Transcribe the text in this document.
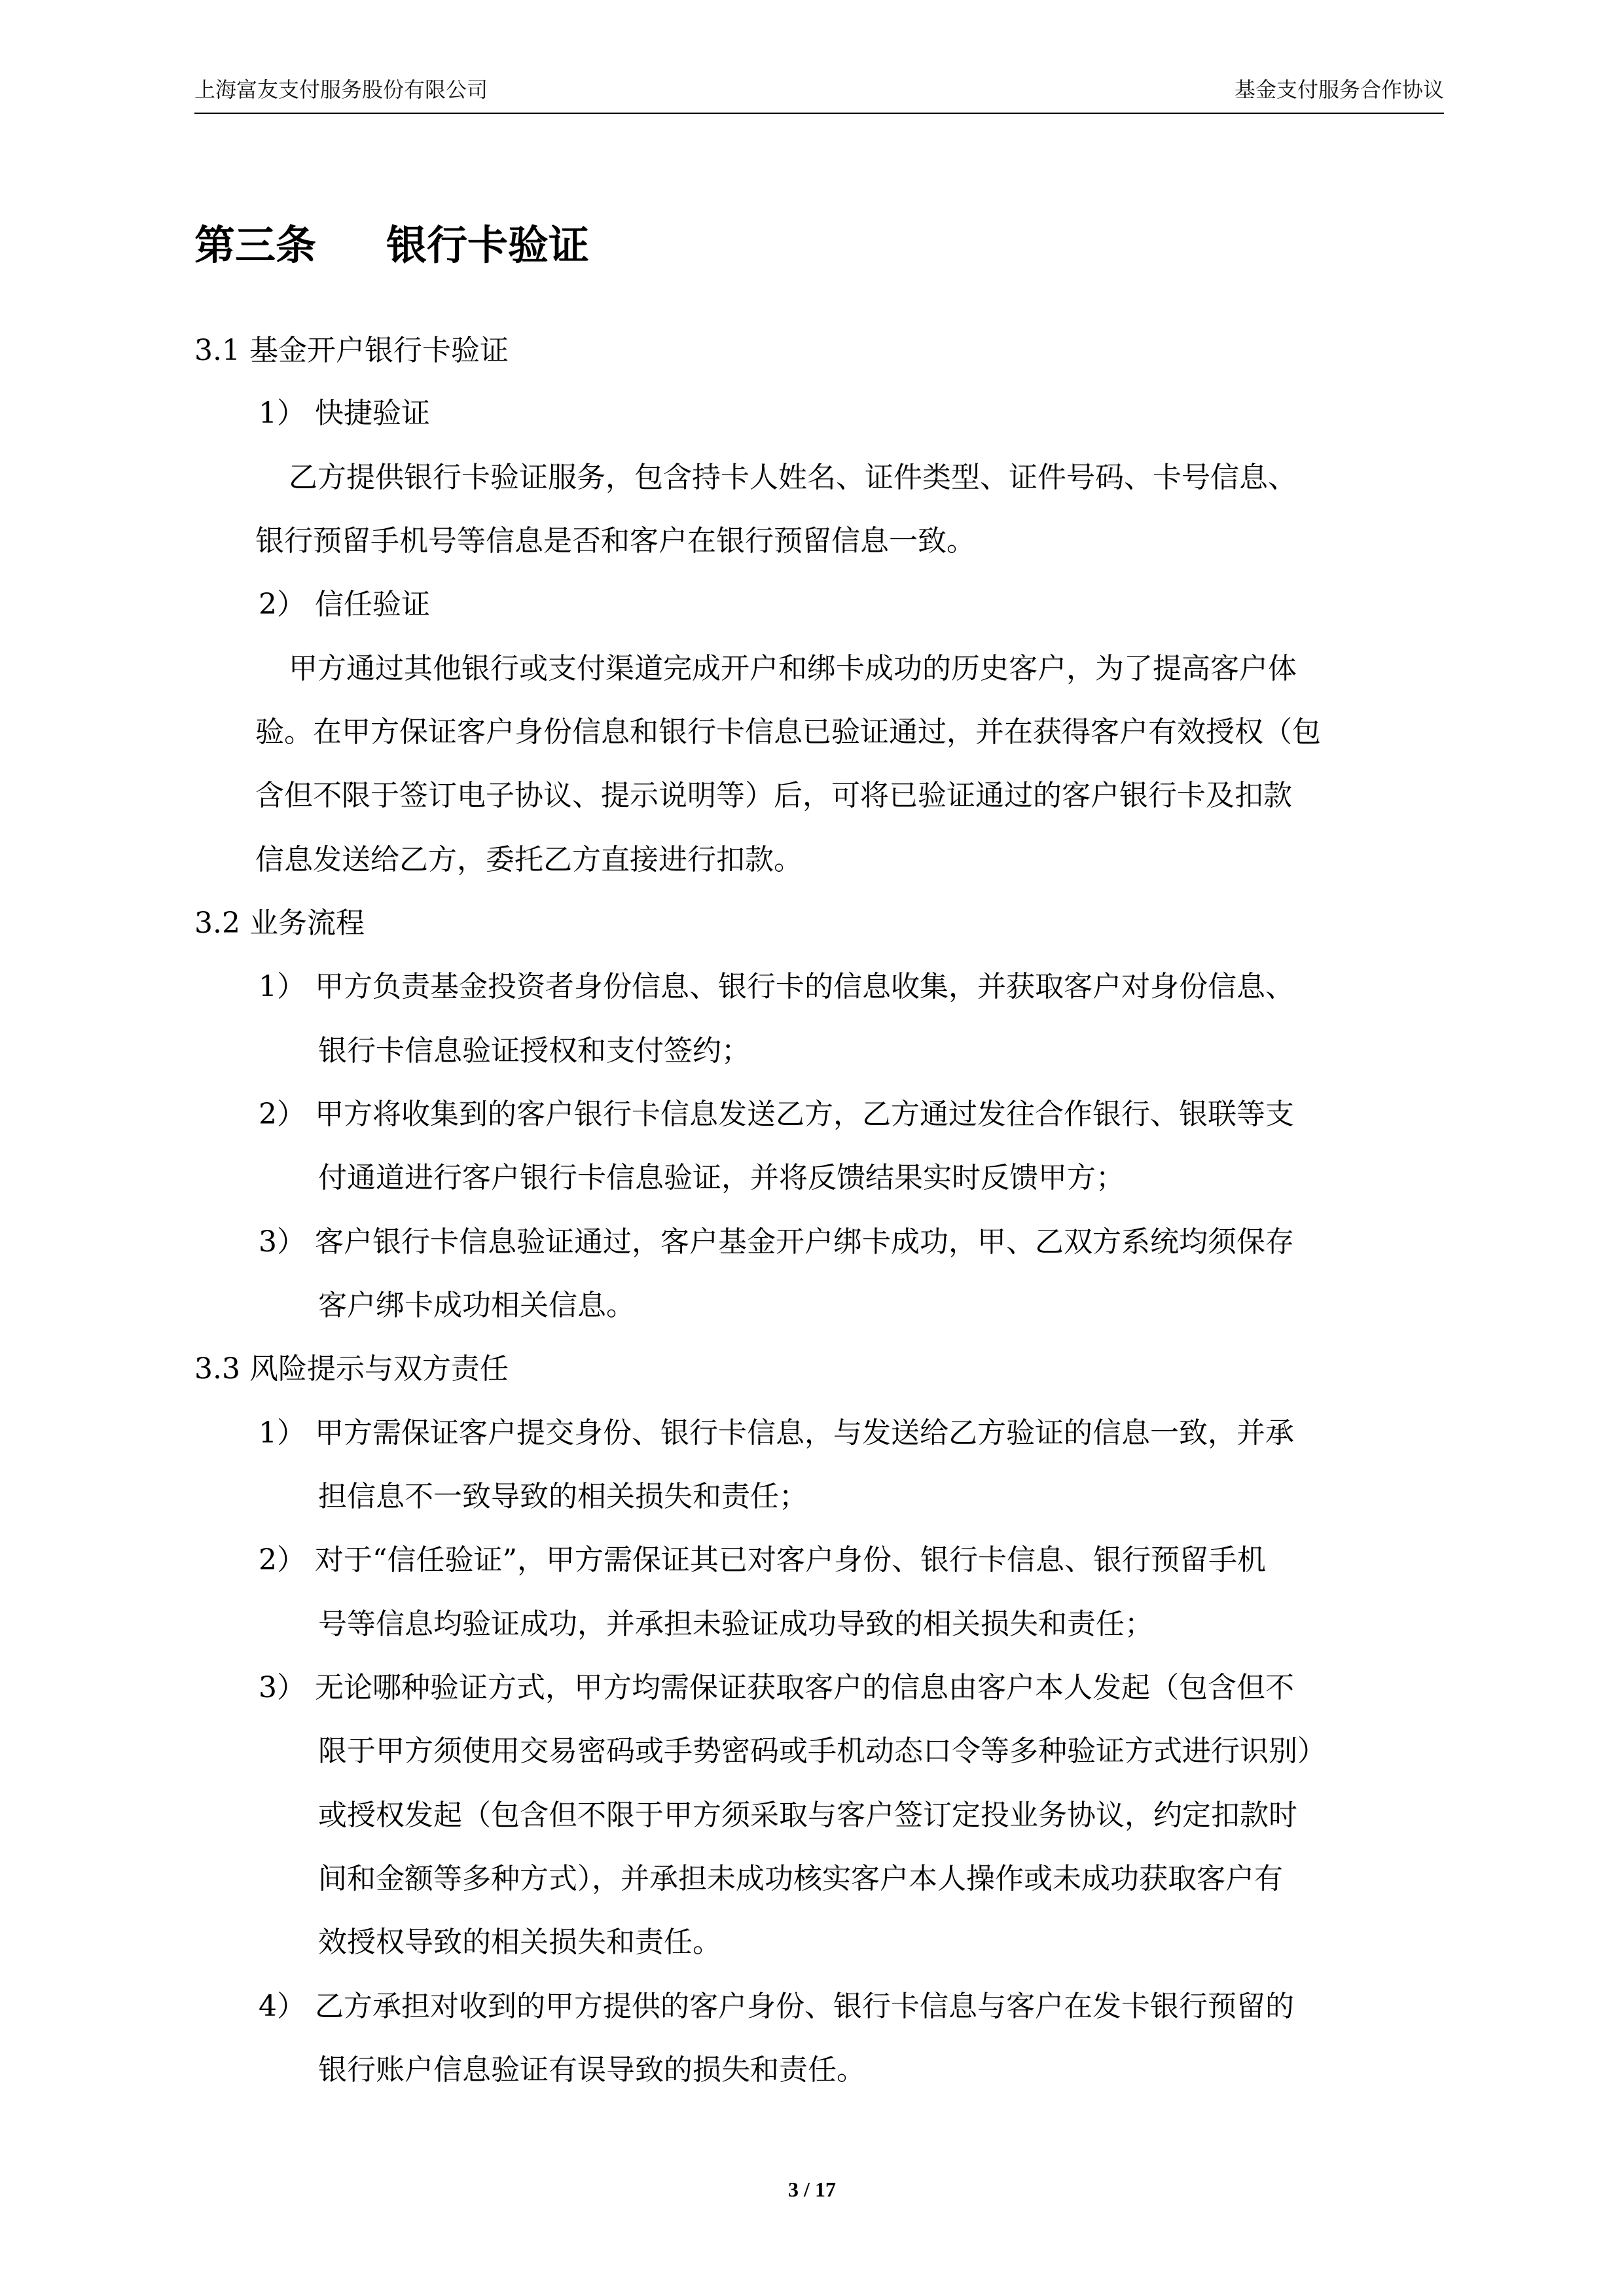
上海富友支付服务股份有限公司	基金支付服务合作协议
第三条 银行卡验证
3.1 基金开户银行卡验证
1） 快捷验证
乙方提供银行卡验证服务，包含持卡人姓名、证件类型、证件号码、卡号信息、
银行预留手机号等信息是否和客户在银行预留信息一致。
2） 信任验证
甲方通过其他银行或支付渠道完成开户和绑卡成功的历史客户，为了提高客户体
验。在甲方保证客户身份信息和银行卡信息已验证通过，并在获得客户有效授权（包
含但不限于签订电子协议、提示说明等）后，可将已验证通过的客户银行卡及扣款
信息发送给乙方，委托乙方直接进行扣款。
3.2 业务流程
1） 甲方负责基金投资者身份信息、银行卡的信息收集，并获取客户对身份信息、
银行卡信息验证授权和支付签约；
2） 甲方将收集到的客户银行卡信息发送乙方，乙方通过发往合作银行、银联等支
付通道进行客户银行卡信息验证，并将反馈结果实时反馈甲方；
3） 客户银行卡信息验证通过，客户基金开户绑卡成功，甲、乙双方系统均须保存
客户绑卡成功相关信息。
3.3 风险提示与双方责任
1） 甲方需保证客户提交身份、银行卡信息，与发送给乙方验证的信息一致，并承
担信息不一致导致的相关损失和责任；
2） 对于“信任验证”，甲方需保证其已对客户身份、银行卡信息、银行预留手机
号等信息均验证成功，并承担未验证成功导致的相关损失和责任；
3） 无论哪种验证方式，甲方均需保证获取客户的信息由客户本人发起（包含但不
限于甲方须使用交易密码或手势密码或手机动态口令等多种验证方式进行识别）
或授权发起（包含但不限于甲方须采取与客户签订定投业务协议，约定扣款时
间和金额等多种方式），并承担未成功核实客户本人操作或未成功获取客户有
效授权导致的相关损失和责任。
4） 乙方承担对收到的甲方提供的客户身份、银行卡信息与客户在发卡银行预留的
银行账户信息验证有误导致的损失和责任。
3 / 17
